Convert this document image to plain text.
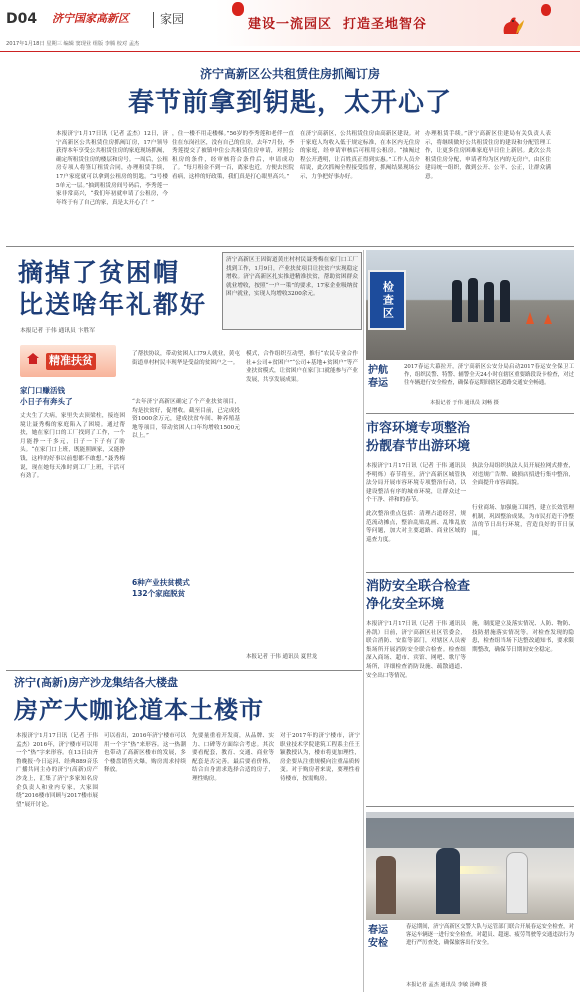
D04 济宁国家高新区	家园	建设一流园区  打造圣地智谷
2017年1月18日 星期三 编辑 窦现业 组版 李腾 校对 孟杰
济宁高新区公共租赁住房抓阄订房
春节前拿到钥匙，太开心了
本报济宁1月17日讯（记者 孟杰）12日，济宁高新区公共租赁住房抓阄订房，17户领导获得本年享受公共租赁住房的家庭现场抓阄，确定所租赁住房的楼层和房号。一周后，公租房专项人将签订租赁合同，办理租赁手续，17户家庭就可以拿到公租房的钥匙。“3号楼5单元一层。”抽到租赁房间号码后，李秀莲一家非常高兴，“我们年初就申请了公租房，今年终于有了自己的家，真是太开心了！”
，住一楼不用走楼梯。”56岁的李秀莲和老伴一直住在东岗社区，没有自己的住房，去年7月份，李秀莲提交了被镇申住公共租赁住房申请，对照公租房的条件，经审核符合条件后，申请成功了。“每月租金不到一百，离家也近，方便去医院看病，这样的好政策，我们真是打心眼里高兴。”
在济宁高新区，公共租赁住房由高新区建设。对于家庭人均收入低于规定标准，在本区内无住房的家庭，经申请审核后可租用公租房。“抽阄过程公开透明，让百姓真正得到实惠。”工作人员介绍说，此次抓阄全程接受监督，抓阄结果现场公示，力争把好事办好。
办理租赁手续。”济宁高新区住建局有关负责人表示，将继续做好公共租赁住房的建设和分配管理工作，让更多住房困难家庭早日住上新居。此次公共租赁住房分配，申请者均为区内的无房户，由区住建局统一组织，做到公开、公平、公正，让群众满意。
摘掉了贫困帽
比送啥年礼都好
本报记者 于伟 通讯员 卞胜军
济宁高新区王因街道黄庄村村民聂秀梅在家门口工厂找到工作，1月9日，产业扶贫项目让扶贫户实现稳定增收。济宁高新区扎实推进精准扶贫，帮助贫困群众就业增收，按照“一户一策”的要求，17家企业吸纳贫困户就业，实现人均增收3200余元。
精准扶贫
家门口赚活钱
小日子有奔头了
丈夫生了大病，家里失去顶梁柱，接连困境让聂秀梅的家庭陷入了困境。通过帮扶，她在家门口的工厂找到了工作，一个月能挣一千多元，日子一下子有了盼头。“在家门口上班，既能照顾家，又能挣钱，这样的好事以前想都不敢想。”聂秀梅说，现在她每天准时到工厂上班，干活可有劲了。
了帮扶协议，带动贫困人口79人就业，黄屯街道单村村民丰现华是受益的贫困户之一。
“去年济宁高新区确定了个产业扶贫项目，均是扶贫好，促增收。截至目前，已完成投资1000余万元，建成扶贫车间、种养殖基地等项目，带动贫困人口年均增收1500元以上。”
6种产业扶贫模式
132个家庭脱贫
模式，合作组织互动型，推行“农民专业合作社+公司+贫困户”“公司+基地+贫困户”等产业扶贫模式，让贫困户在家门口就能参与产业发展，共享发展成果。
本报记者 于伟 通讯员 夏世龙
检查区
护航
春运
2017春运大幕拉开，济宁高新区公安分局启动2017春运安全保卫工作，组织民警、特警、辅警全天24小时在辖区重要路段设卡检查，对过往车辆进行安全检查，确保春运期间辖区道路交通安全畅通。
本报记者 于伟 通讯员 刘畅 摄
市容环境专项整治
扮靓春节出游环境
本报济宁1月17日讯（记者 于伟 通讯员 李明烁）春节将至，济宁高新区城管执法分局开展市容环境专项整治行动，以建设整洁有序的城市环境，让群众过一个干净、祥和的春节。
此次整治重点包括：清理占道经营，规范流动摊点，整治乱贴乱画、乱堆乱放等问题，加大对主要道路、商业区域的巡查力度。
执法分局组织执法人员开展拉网式排查，对违规广告牌、破损店招进行集中整治，全面提升市容面貌。
行业商场、加强施工围挡，建立长效管理机制，巩固整治成果，为市民打造干净整洁的节日出行环境，营造良好的节日氛围。
消防安全联合检查
净化安全环境
本报济宁1月17日讯（记者 于伟 通讯员 孙凯）日前，济宁高新区社区管委会，联合消防、安监等部门，对辖区人员密集场所开展消防安全联合检查。检查组深入商场、超市、宾馆、网吧、歌厅等场所，详细检查消防设施、疏散通道、安全出口等情况。
施，制度建立及落实情况、人防、物防、技防措施落实情况等。对检查发现的隐患，检查组当场下达整改通知书，要求限期整改，确保节日期间安全稳定。
济宁(高新)房产沙龙集结各大楼盘
房产大咖论道本土楼市
本报济宁1月17日讯（记者 于伟 孟杰）2016年，济宁楼市可以用一个“热”字来形容。在13日由齐鲁晚报·今日运河、经典889音乐广播共同主办的济宁(高新)房产沙龙上，汇集了济宁多家知名房企负责人和业内专家，大家围绕“2016楼市回顾与2017楼市展望”展开讨论。
可以看出，2016年济宁楼市可以用一个字“热”来形容。这一热潮也带动了高新区楼市的发展，多个楼盘销售火爆，购房需求持续释放。
先要量重看开发商，从品牌、实力、口碑等方面综合考虑。其次要看配套，教育、交通、商业等配套是否完善。最后要看价格，结合自身需求选择合适的房子，理性购房。
对于2017年的济宁楼市，济宁职业技术学院建筑工程系主任王颖教授认为，楼市将更加理性，房企要从注重规模向注重品质转变。对于购房者来说，要理性看待楼市，按需购房。
春运
安检
春运期间，济宁高新区交警大队与运管部门联合开展春运安全检查，对客运车辆逐一进行安全检查，对超员、超速、疲劳驾驶等交通违法行为进行严厉查处，确保旅客出行安全。
本报记者 孟杰 通讯员 李敏 汤峰 摄
